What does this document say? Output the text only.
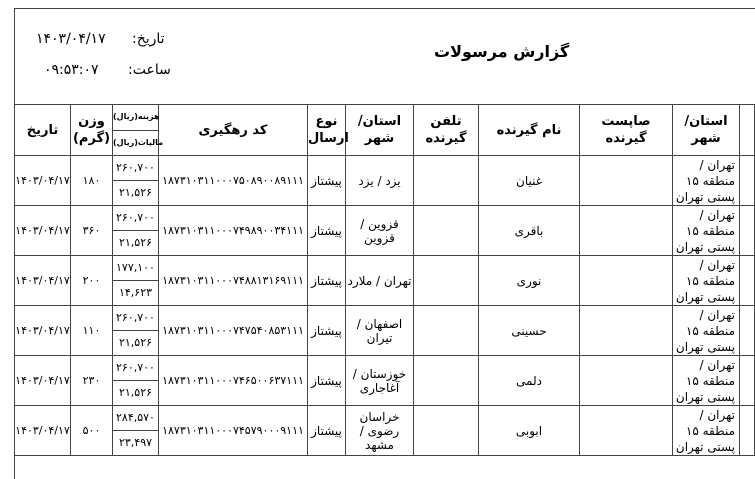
۱۴۰۳/۰۴/۱۷ تاریخ:
۰۹:۵۳:۰۷ ساعت:
گزارش مرسولات
تاریخ	وزن (گرم)	هزینه(ریال)	کد رهگیری	نوع ارسال	استان/ شهر	تلفن گیرنده	نام گیرنده	صاپست گیرنده	استان/ شهر	
		مالیات(ریال)								
۱۴۰۳/۰۴/۱۷	۱۸۰	۲۶۰,۷۰۰	۱۸۷۳۱۰۳۱۱۰۰۰۷۵۰۸۹۰۰۸۹۱۱۱	پیشتاز	یزد / یزد		غنیان		تهران / منطقه ۱۵ پستی تهران	
		۲۱,۵۲۶								
۱۴۰۳/۰۴/۱۷	۳۶۰	۲۶۰,۷۰۰	۱۸۷۳۱۰۳۱۱۰۰۰۷۴۹۸۹۰۰۳۴۱۱۱	پیشتاز	قزوین / قزوین		باقری		تهران / منطقه ۱۵ پستی تهران	
		۲۱,۵۲۶								
۱۴۰۳/۰۴/۱۷	۲۰۰	۱۷۷,۱۰۰	۱۸۷۳۱۰۳۱۱۰۰۰۷۴۸۸۱۳۱۶۹۱۱۱	پیشتاز	تهران / ملارد		نوری		تهران / منطقه ۱۵ پستی تهران	
		۱۴,۶۲۳								
۱۴۰۳/۰۴/۱۷	۱۱۰	۲۶۰,۷۰۰	۱۸۷۳۱۰۳۱۱۰۰۰۷۴۷۵۴۰۸۵۳۱۱۱	پیشتاز	اصفهان / تیران		حسینی		تهران / منطقه ۱۵ پستی تهران	
		۲۱,۵۲۶								
۱۴۰۳/۰۴/۱۷	۲۳۰	۲۶۰,۷۰۰	۱۸۷۳۱۰۳۱۱۰۰۰۷۴۶۵۰۰۶۳۷۱۱۱	پیشتاز	خوزستان / آغاجاری		دلمی		تهران / منطقه ۱۵ پستی تهران	
		۲۱,۵۲۶								
۱۴۰۳/۰۴/۱۷	۵۰۰	۲۸۴,۵۷۰	۱۸۷۳۱۰۳۱۱۰۰۰۷۴۵۷۹۰۰۰۹۱۱۱	پیشتاز	خراسان رضوی / مشهد		ابوبی		تهران / منطقه ۱۵ پستی تهران	
		۲۳,۴۹۷								
